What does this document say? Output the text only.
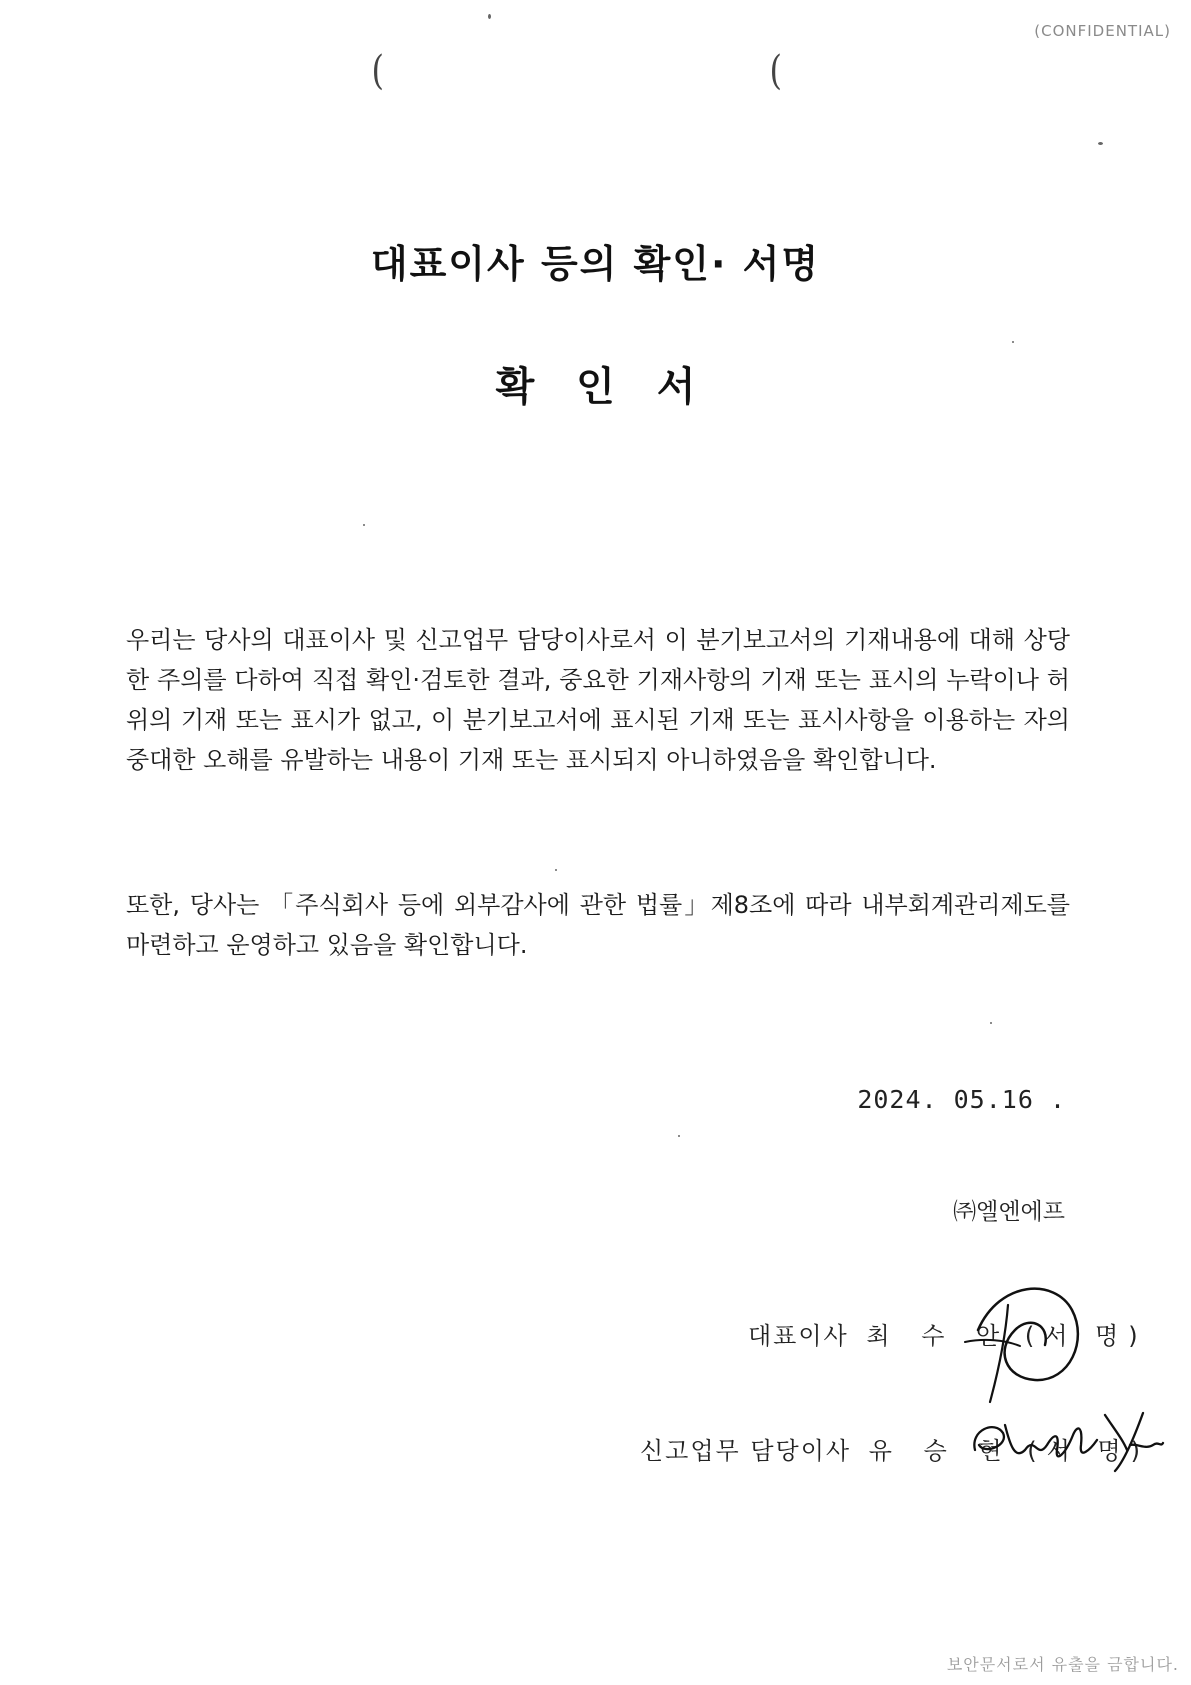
(CONFIDENTIAL)
(	(
대표이사 등의 확인· 서명
확 인 서

우리는 당사의 대표이사 및 신고업무 담당이사로서 이 분기보고서의 기재내용에 대해 상당한 주의를 다하여 직접 확인·검토한 결과, 중요한 기재사항의 기재 또는 표시의 누락이나 허위의 기재 또는 표시가 없고, 이 분기보고서에 표시된 기재 또는 표시사항을 이용하는 자의 중대한 오해를 유발하는 내용이 기재 또는 표시되지 아니하였음을 확인합니다.

또한, 당사는 「주식회사 등에 외부감사에 관한 법률」제8조에 따라 내부회계관리제도를 마련하고 운영하고 있음을 확인합니다.

2024. 05.16 .
㈜엘엔에프
대표이사 최 수 안 (서 명)
신고업무 담당이사 유 승 현 (서 명)
보안문서로서 유출을 금합니다.
